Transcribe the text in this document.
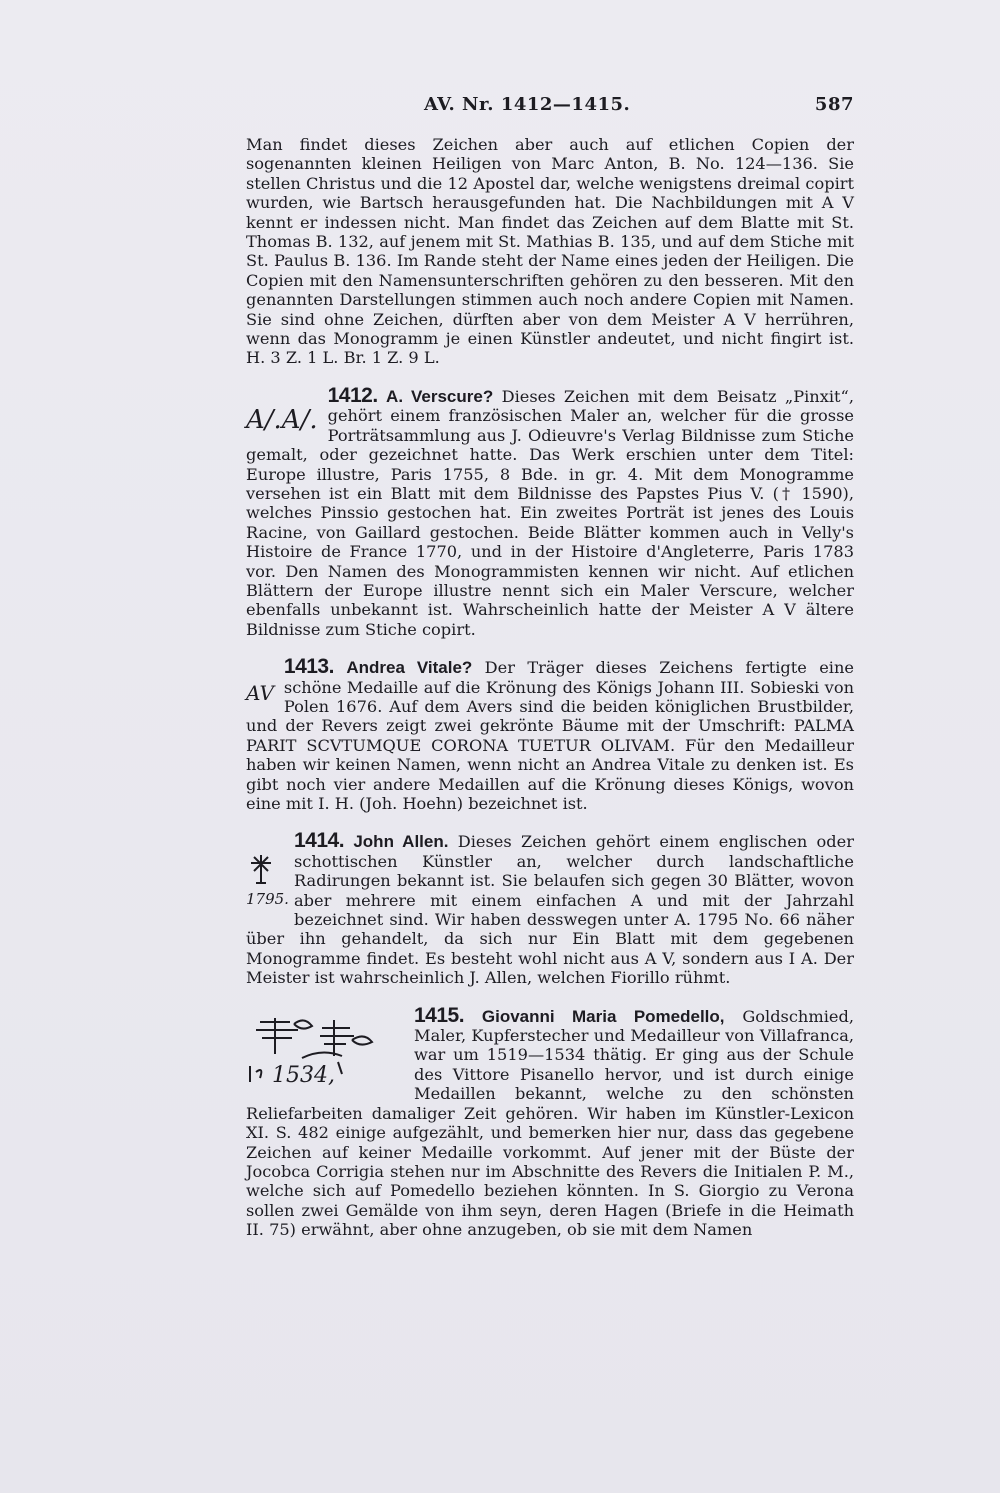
AV. Nr. 1412—1415.	587

Man findet dieses Zeichen aber auch auf etlichen Copien der sogenannten kleinen Heiligen von Marc Anton, B. No. 124—136. Sie stellen Christus und die 12 Apostel dar, welche wenigstens dreimal copirt wurden, wie Bartsch herausgefunden hat. Die Nachbildungen mit A V kennt er indessen nicht. Man findet das Zeichen auf dem Blatte mit St. Thomas B. 132, auf jenem mit St. Mathias B. 135, und auf dem Stiche mit St. Paulus B. 136. Im Rande steht der Name eines jeden der Heiligen. Die Copien mit den Namensunterschriften gehören zu den besseren. Mit den genannten Darstellungen stimmen auch noch andere Copien mit Namen. Sie sind ohne Zeichen, dürften aber von dem Meister A V herrühren, wenn das Monogramm je einen Künstler andeutet, und nicht fingirt ist. H. 3 Z. 1 L. Br. 1 Z. 9 L.

1412. A. Verscure?
A/.A/.
Dieses Zeichen mit dem Beisatz „Pinxit“, gehört einem französischen Maler an, welcher für die grosse Porträtsammlung aus J. Odieuvre's Verlag Bildnisse zum Stiche gemalt, oder gezeichnet hatte. Das Werk erschien unter dem Titel: Europe illustre, Paris 1755, 8 Bde. in gr. 4. Mit dem Monogramme versehen ist ein Blatt mit dem Bildnisse des Papstes Pius V. († 1590), welches Pinssio gestochen hat. Ein zweites Porträt ist jenes des Louis Racine, von Gaillard gestochen. Beide Blätter kommen auch in Velly's Histoire de France 1770, und in der Histoire d'Angleterre, Paris 1783 vor. Den Namen des Monogrammisten kennen wir nicht. Auf etlichen Blättern der Europe illustre nennt sich ein Maler Verscure, welcher ebenfalls unbekannt ist. Wahrscheinlich hatte der Meister A V ältere Bildnisse zum Stiche copirt.

1413. Andrea Vitale?
AV
Der Träger dieses Zeichens fertigte eine schöne Medaille auf die Krönung des Königs Johann III. Sobieski von Polen 1676. Auf dem Avers sind die beiden königlichen Brustbilder, und der Revers zeigt zwei gekrönte Bäume mit der Umschrift: PALMA PARIT SCVTUMQUE CORONA TUETUR OLIVAM. Für den Medailleur haben wir keinen Namen, wenn nicht an Andrea Vitale zu denken ist. Es gibt noch vier andere Medaillen auf die Krönung dieses Königs, wovon eine mit I. H. (Joh. Hoehn) bezeichnet ist.

1414. John Allen.
1795.
Dieses Zeichen gehört einem englischen oder schottischen Künstler an, welcher durch landschaftliche Radirungen bekannt ist. Sie belaufen sich gegen 30 Blätter, wovon aber mehrere mit einem einfachen A und mit der Jahrzahl bezeichnet sind. Wir haben desswegen unter A. 1795 No. 66 näher über ihn gehandelt, da sich nur Ein Blatt mit dem gegebenen Monogramme findet. Es besteht wohl nicht aus A V, sondern aus I A. Der Meister ist wahrscheinlich J. Allen, welchen Fiorillo rühmt.

1415. Giovanni Maria Pomedello,
1534,
Goldschmied, Maler, Kupferstecher und Medailleur von Villafranca, war um 1519—1534 thätig. Er ging aus der Schule des Vittore Pisanello hervor, und ist durch einige Medaillen bekannt, welche zu den schönsten Reliefarbeiten damaliger Zeit gehören. Wir haben im Künstler-Lexicon XI. S. 482 einige aufgezählt, und bemerken hier nur, dass das gegebene Zeichen auf keiner Medaille vorkommt. Auf jener mit der Büste der Jocobca Corrigia stehen nur im Abschnitte des Revers die Initialen P. M., welche sich auf Pomedello beziehen könnten. In S. Giorgio zu Verona sollen zwei Gemälde von ihm seyn, deren Hagen (Briefe in die Heimath II. 75) erwähnt, aber ohne anzugeben, ob sie mit dem Namen
